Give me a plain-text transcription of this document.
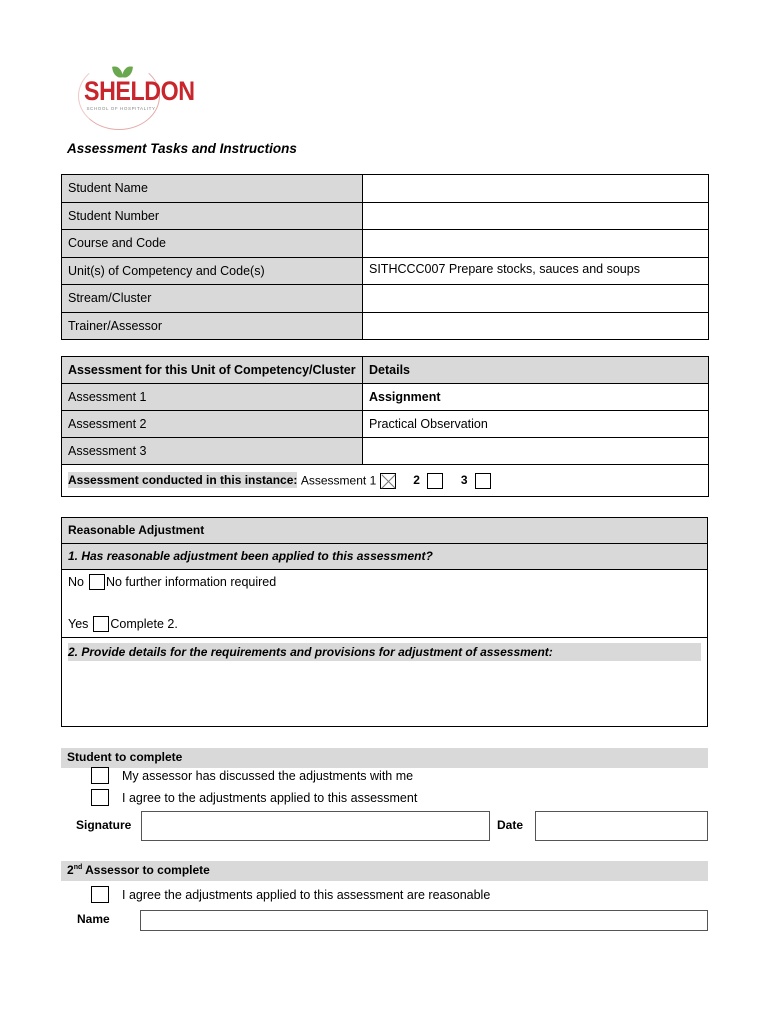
SHELDON
SCHOOL OF HOSPITALITY
Assessment Tasks and Instructions
Student Name	
Student Number	
Course and Code	
Unit(s) of Competency and Code(s)	SITHCCC007 Prepare stocks, sauces and soups
Stream/Cluster	
Trainer/Assessor	
Assessment for this Unit of Competency/Cluster	Details
Assessment 1	Assignment
Assessment 2	Practical Observation
Assessment 3	
Assessment conducted in this instance: Assessment 1 2 3	
Reasonable Adjustment
1. Has reasonable adjustment been applied to this assessment?
No No further information required
Yes Complete 2.
2. Provide details for the requirements and provisions for adjustment of assessment:
Student to complete
My assessor has discussed the adjustments with me
I agree to the adjustments applied to this assessment
Signature	Date
2nd Assessor to complete
I agree the adjustments applied to this assessment are reasonable
Name
